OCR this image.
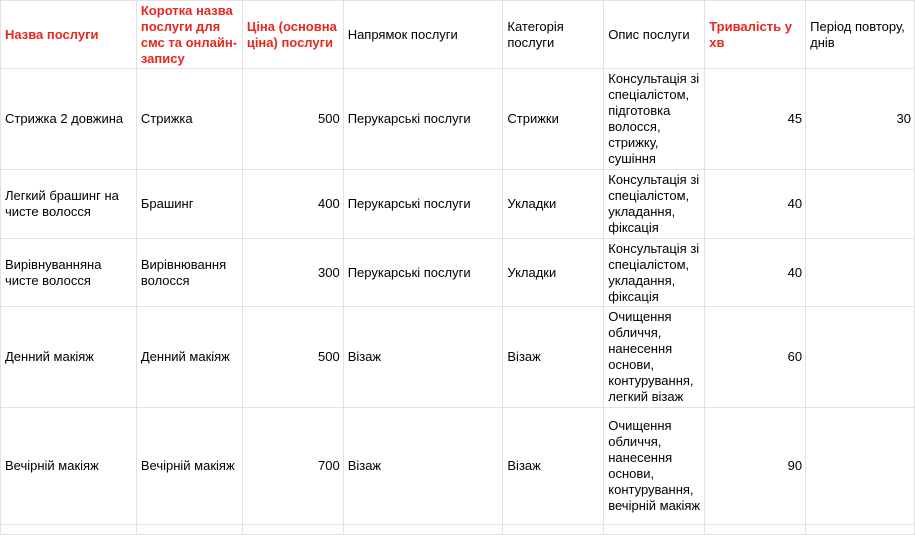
Назва послуги	Коротка назва послуги для смс та онлайн-запису	Ціна (основна ціна) послуги	Напрямок послуги	Категорія послуги	Опис послуги	Тривалість у хв	Період повтору, днів
Стрижка 2 довжина	Стрижка	500	Перукарські послуги	Стрижки	Консультація зі спеціалістом, підготовка волосся, стрижку, сушіння	45	30
Легкий брашинг на чисте волосся	Брашинг	400	Перукарські послуги	Укладки	Консультація зі спеціалістом, укладання, фіксація	40	
Вирівнуванняна чисте волосся	Вирівнювання волосся	300	Перукарські послуги	Укладки	Консультація зі спеціалістом, укладання, фіксація	40	
Денний макіяж	Денний макіяж	500	Візаж	Візаж	Очищення обличчя, нанесення основи, контурування, легкий візаж	60	
Вечірній макіяж	Вечірній макіяж	700	Візаж	Візаж	Очищення обличчя, нанесення основи, контурування, вечірній макіяж	90	
